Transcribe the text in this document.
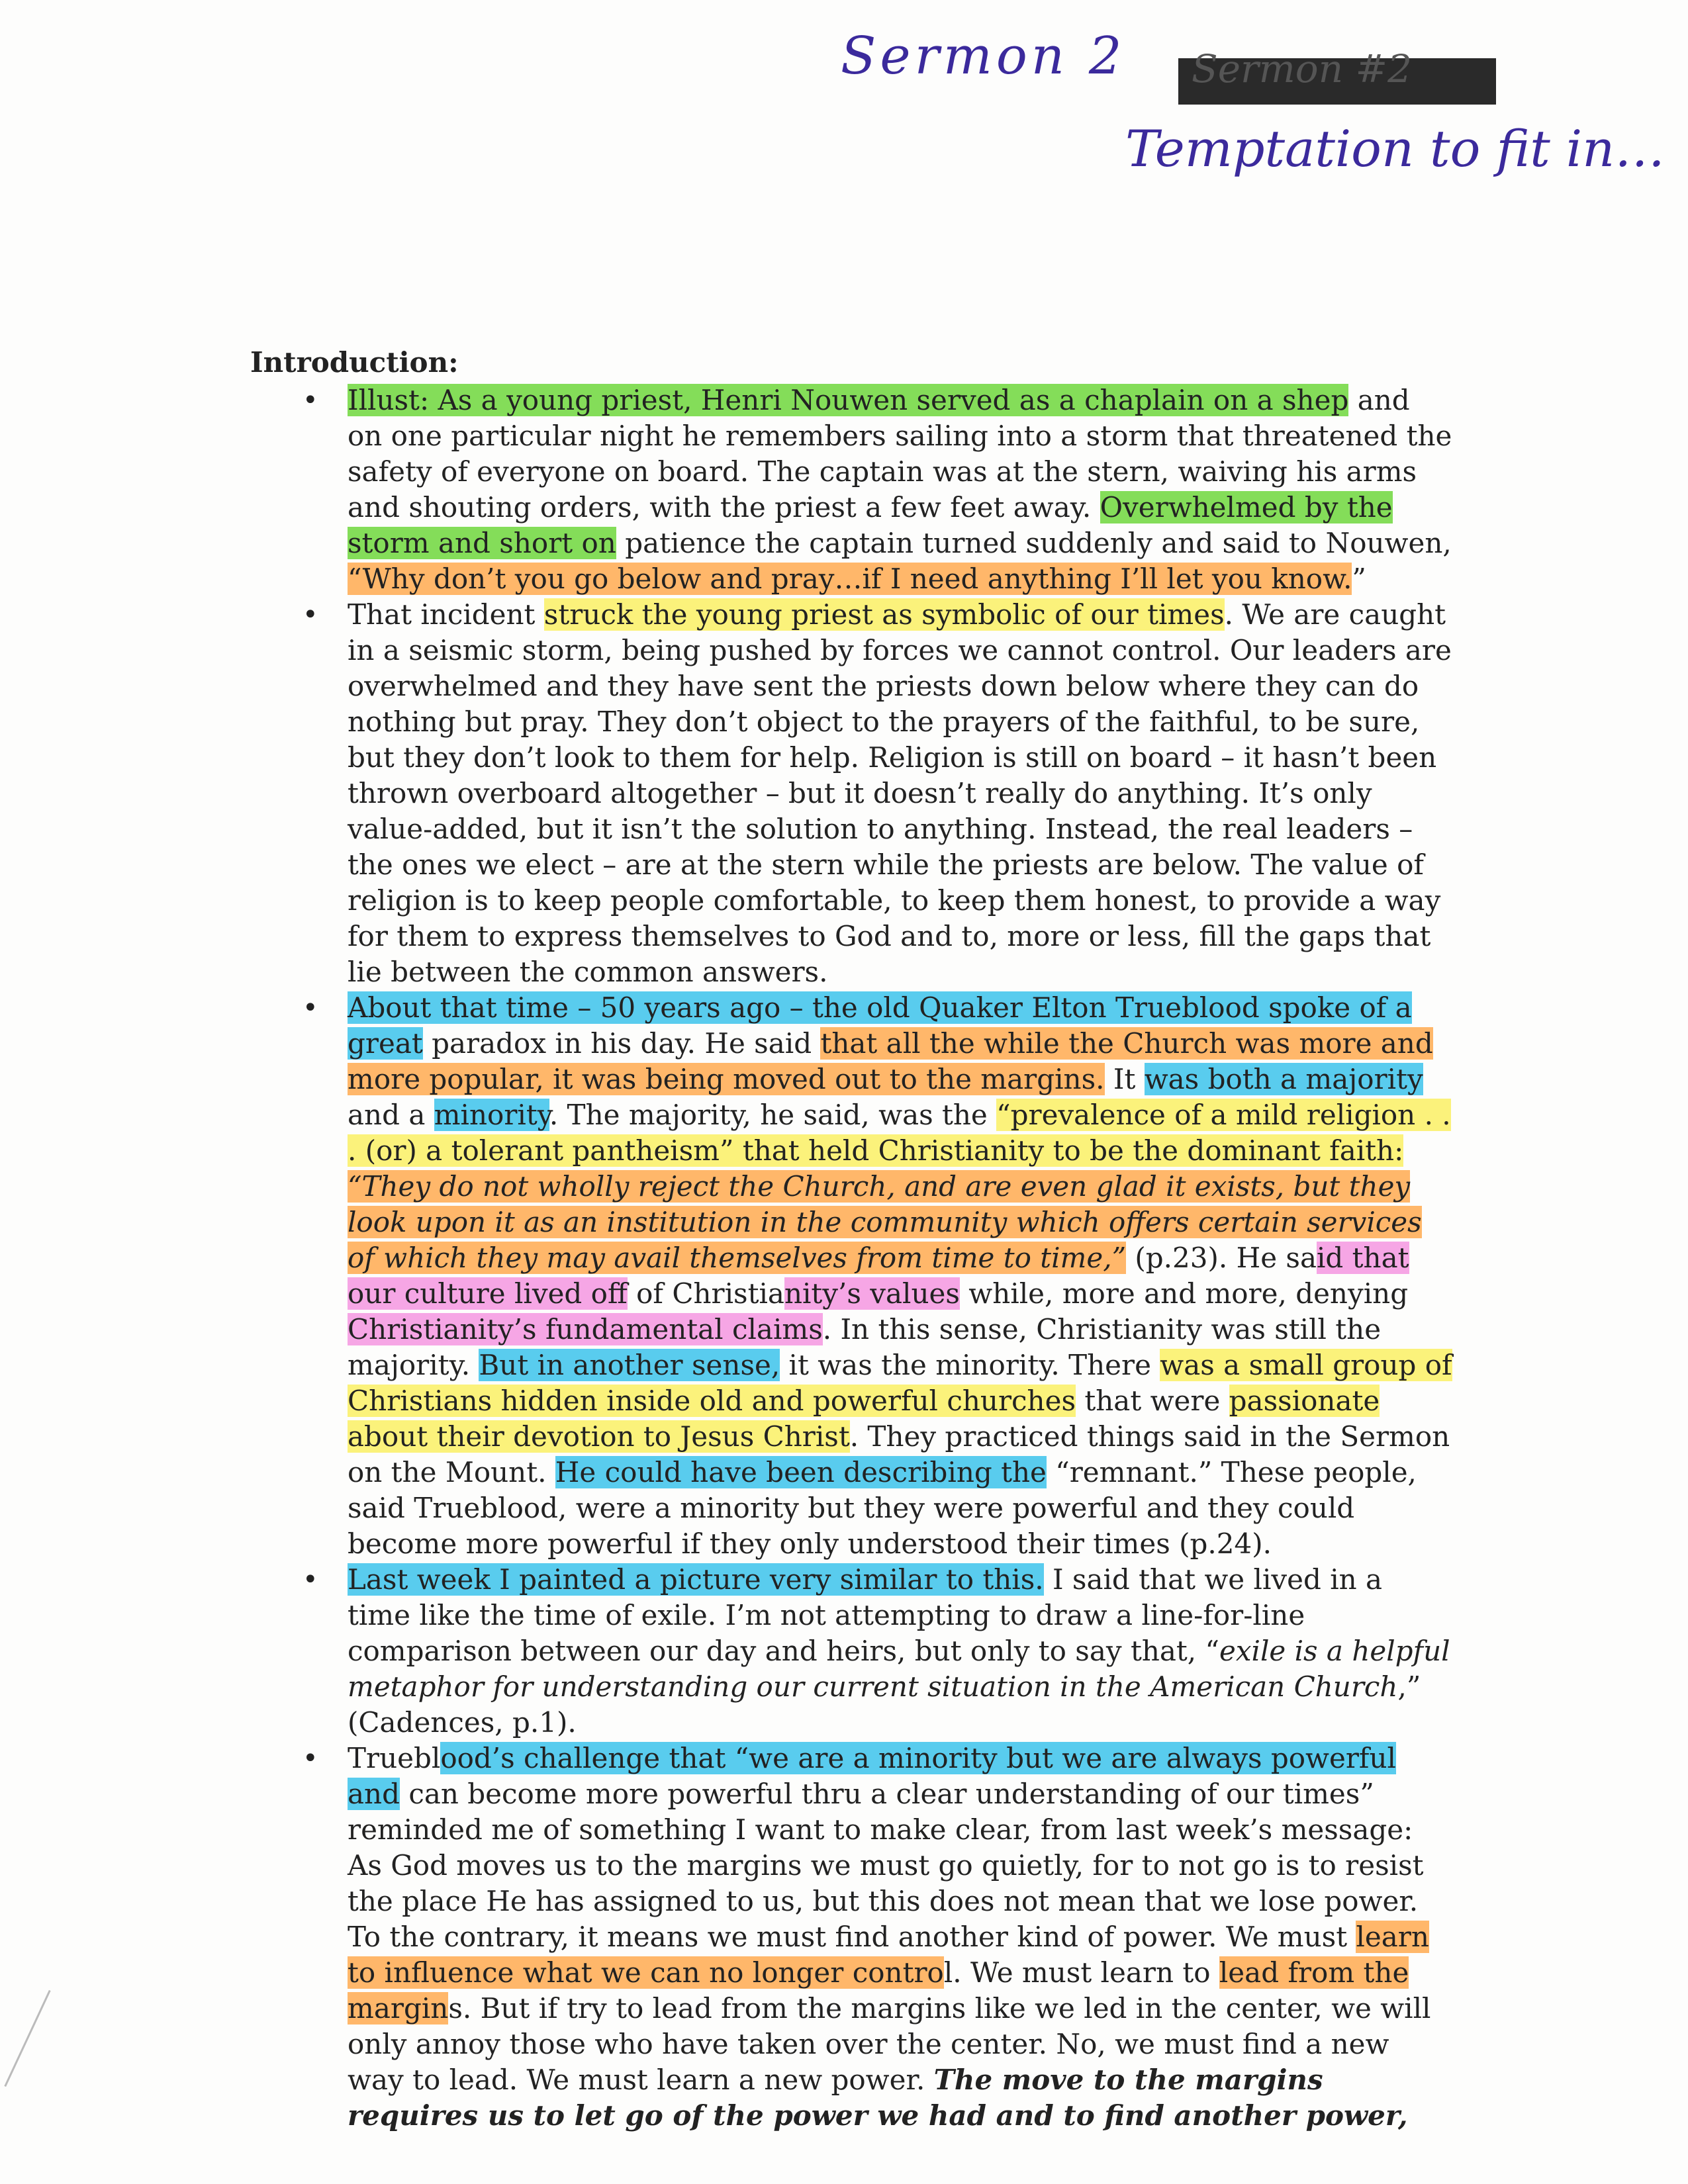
Sermon 2 Sermon #2
Temptation to fit in…
Introduction:
• Illust: As a young priest, Henri Nouwen served as a chaplain on a shep and on one particular night he remembers sailing into a storm that threatened the safety of everyone on board. The captain was at the stern, waiving his arms and shouting orders, with the priest a few feet away. Overwhelmed by the storm and short on patience the captain turned suddenly and said to Nouwen, “Why don’t you go below and pray…if I need anything I’ll let you know.”
• That incident struck the young priest as symbolic of our times. We are caught in a seismic storm, being pushed by forces we cannot control. Our leaders are overwhelmed and they have sent the priests down below where they can do nothing but pray. They don’t object to the prayers of the faithful, to be sure, but they don’t look to them for help. Religion is still on board – it hasn’t been thrown overboard altogether – but it doesn’t really do anything. It’s only value-added, but it isn’t the solution to anything. Instead, the real leaders – the ones we elect – are at the stern while the priests are below. The value of religion is to keep people comfortable, to keep them honest, to provide a way for them to express themselves to God and to, more or less, fill the gaps that lie between the common answers.
• About that time – 50 years ago – the old Quaker Elton Trueblood spoke of a great paradox in his day. He said that all the while the Church was more and more popular, it was being moved out to the margins. It was both a majority and a minority. The majority, he said, was the “prevalence of a mild religion . . . (or) a tolerant pantheism” that held Christianity to be the dominant faith: “They do not wholly reject the Church, and are even glad it exists, but they look upon it as an institution in the community which offers certain services of which they may avail themselves from time to time,” (p.23). He said that our culture lived off of Christianity’s values while, more and more, denying Christianity’s fundamental claims. In this sense, Christianity was still the majority. But in another sense, it was the minority. There was a small group of Christians hidden inside old and powerful churches that were passionate about their devotion to Jesus Christ. They practiced things said in the Sermon on the Mount. He could have been describing the “remnant.” These people, said Trueblood, were a minority but they were powerful and they could become more powerful if they only understood their times (p.24).
• Last week I painted a picture very similar to this. I said that we lived in a time like the time of exile. I’m not attempting to draw a line-for-line comparison between our day and heirs, but only to say that, “exile is a helpful metaphor for understanding our current situation in the American Church,” (Cadences, p.1).
• Trueblood’s challenge that “we are a minority but we are always powerful and can become more powerful thru a clear understanding of our times” reminded me of something I want to make clear, from last week’s message: As God moves us to the margins we must go quietly, for to not go is to resist the place He has assigned to us, but this does not mean that we lose power. To the contrary, it means we must find another kind of power. We must learn to influence what we can no longer control. We must learn to lead from the margins. But if try to lead from the margins like we led in the center, we will only annoy those who have taken over the center. No, we must find a new way to lead. We must learn a new power. The move to the margins requires us to let go of the power we had and to find another power,
